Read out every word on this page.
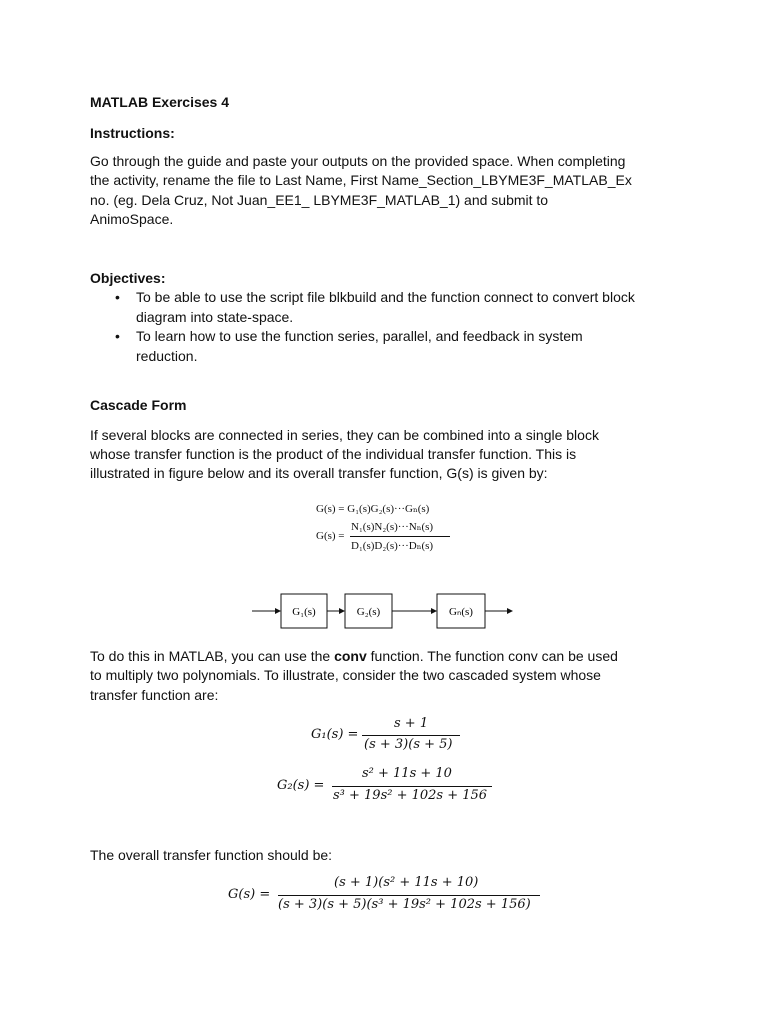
MATLAB Exercises 4

Instructions:

Go through the guide and paste your outputs on the provided space. When completing

the activity, rename the file to Last Name, First Name_Section_LBYME3F_MATLAB_Ex

no. (eg. Dela Cruz, Not Juan_EE1_ LBYME3F_MATLAB_1) and submit to

AnimoSpace.

Objectives:

• To be able to use the script file blkbuild and the function connect to convert block
diagram into state-space.
• To learn how to use the function series, parallel, and feedback in system
reduction.

Cascade Form

If several blocks are connected in series, they can be combined into a single block

whose transfer function is the product of the individual transfer function. This is

illustrated in figure below and its overall transfer function, G(s) is given by:

G(s) = G₁(s)G₂(s)···Gₙ(s)
G(s) =
N₁(s)N₂(s)···Nₙ(s)
D₁(s)D₂(s)···Dₙ(s)
G₁(s)	G₂(s)	Gₙ(s)

To do this in MATLAB, you can use the conv function. The function conv can be used

to multiply two polynomials. To illustrate, consider the two cascaded system whose

transfer function are:

G₁(s) =
s + 1
(s + 3)(s + 5)
G₂(s) =
s² + 11s + 10
s³ + 19s² + 102s + 156

The overall transfer function should be:

G(s) =
(s + 1)(s² + 11s + 10)
(s + 3)(s + 5)(s³ + 19s² + 102s + 156)
